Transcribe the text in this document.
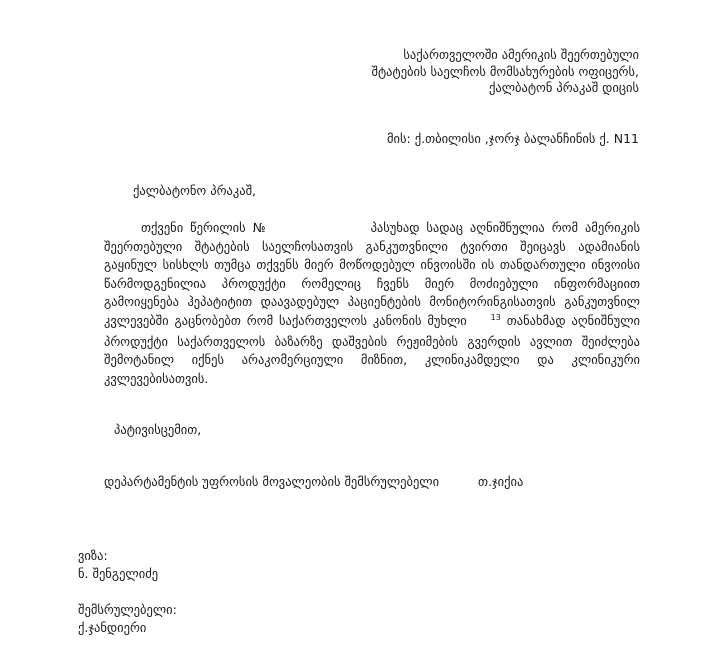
საქართველოში ამერიკის შეერთებული
შტატების საელჩოს მომსახურების ოფიცერს,
ქალბატონ პრაკაშ დიცის
მის: ქ.თბილისი ,ჯორჯ ბალანჩინის ქ. N11
ქალბატონო პრაკაშ,
თქვენი წერილის №	პასუხად სადაც აღნიშნულია რომ ამერიკის შეერთებული შტატების საელჩოსათვის განკუთვნილი ტვირთი შეიცავს ადამიანის გაყინულ სისხლს თუმცა თქვენს მიერ მოწოდებულ ინვოისში ის თანდართული ინვოისი წარმოდგენილია პროდუქტი რომელიც ჩვენს მიერ მოძიებული ინფორმაციით გამოიყენება ჰეპატიტით დაავადებულ პაციენტების მონიტორინგისათვის განკუთვნილ კვლევებში გაცნობებთ რომ საქართველოს კანონის მუხლი	$^{13}$ თანახმად აღნიშნული პროდუქტი საქართველოს ბაზარზე დაშვების რეჟიმების გვერდის ავლით შეიძლება შემოტანილ იქნეს არაკომერციული მიზნით, კლინიკამდელი და კლინიკური კვლევებისათვის.
პატივისცემით,
დეპარტამენტის უფროსის მოვალეობის შემსრულებელი	თ.ჯიქია
ვიზა:
ნ. შენგელიძე
შემსრულებელი:
ქ.ჯანდიერი
